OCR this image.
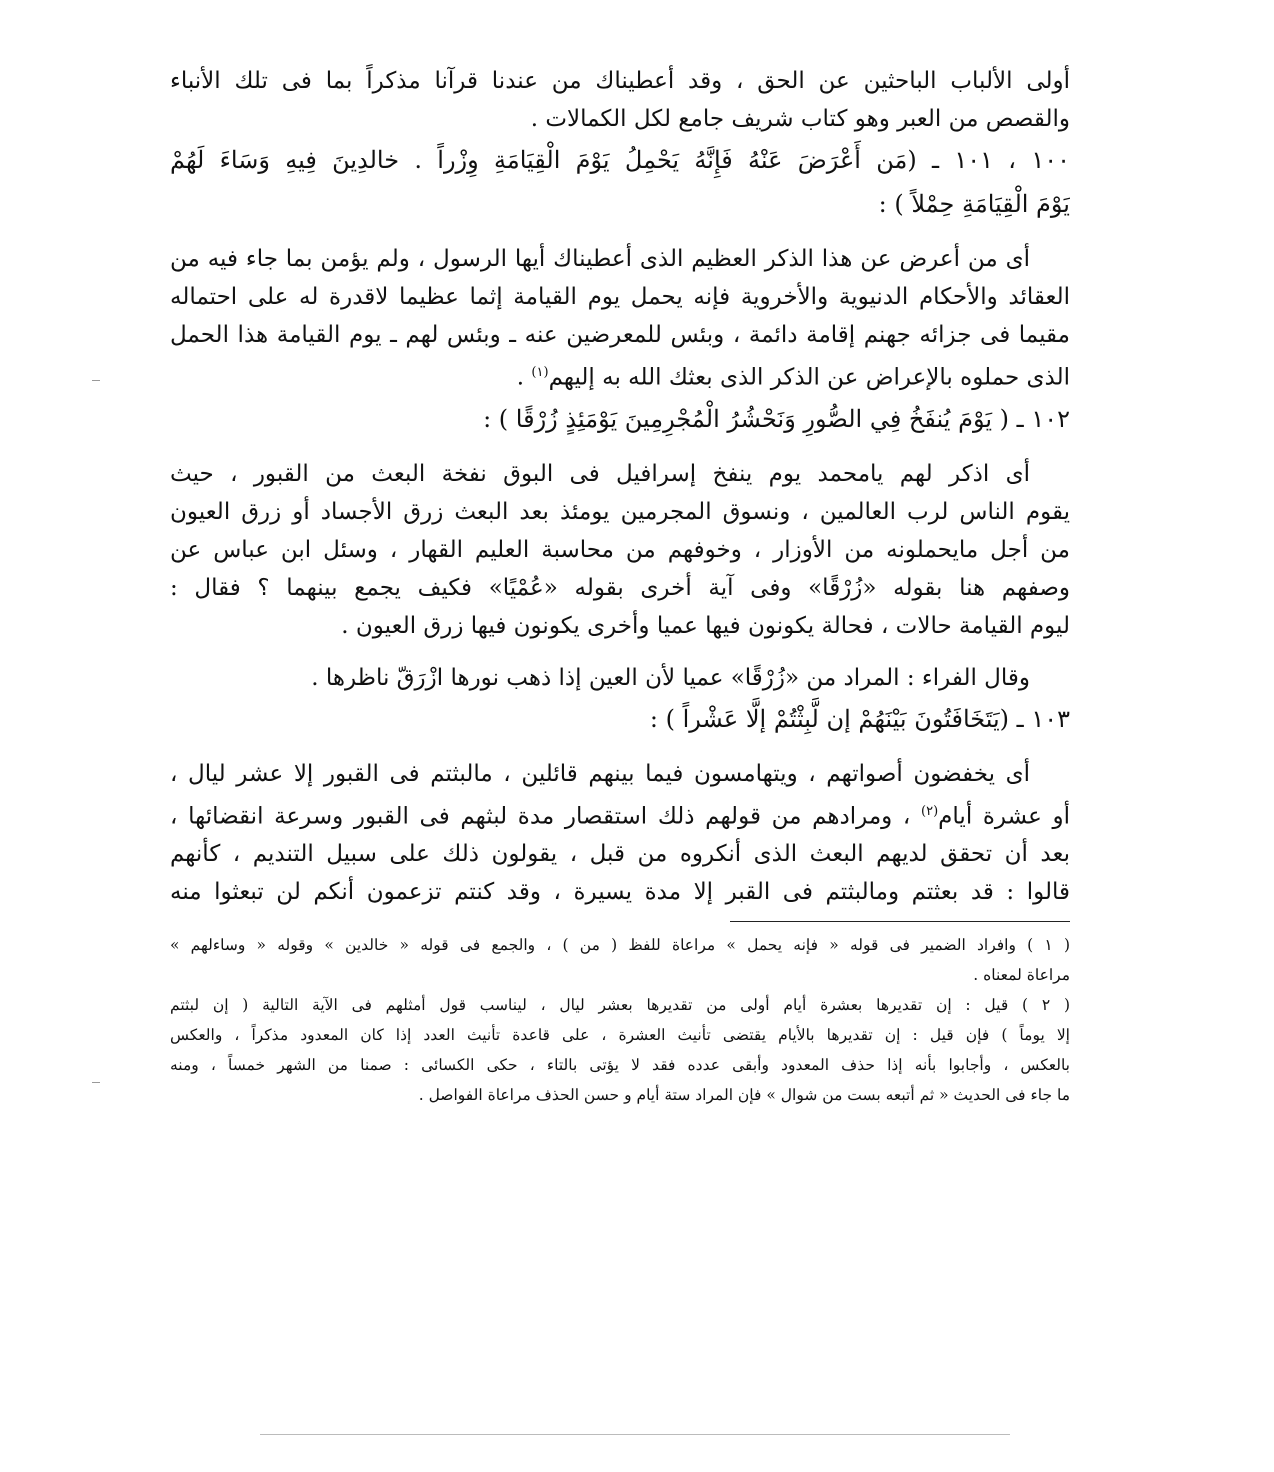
أولى الألباب الباحثين عن الحق ، وقد أعطيناك من عندنا قرآنا مذكراً بما فى تلك الأنباء
والقصص من العبر وهو كتاب شريف جامع لكل الكمالات .
١٠٠ ، ١٠١ ـ (مَن أَعْرَضَ عَنْهُ فَإِنَّهُ يَحْمِلُ يَوْمَ الْقِيَامَةِ وِزْراً . خالدِينَ فِيهِ وَسَاءَ لَهُمْ
يَوْمَ الْقِيَامَةِ حِمْلاً ) :
أى من أعرض عن هذا الذكر العظيم الذى أعطيناك أيها الرسول ، ولم يؤمن بما جاء فيه من
العقائد والأحكام الدنيوية والأخروية فإنه يحمل يوم القيامة إثما عظيما لاقدرة له على احتماله
مقيما فى جزائه جهنم إقامة دائمة ، وبئس للمعرضين عنه ـ وبئس لهم ـ يوم القيامة هذا الحمل
الذى حملوه بالإعراض عن الذكر الذى بعثك الله به إليهم$^{(١)}$ .
١٠٢ ـ ( يَوْمَ يُنفَخُ فِي الصُّورِ وَنَحْشُرُ الْمُجْرِمِينَ يَوْمَئِذٍ زُرْقًا ) :
أى اذكر لهم يامحمد يوم ينفخ إسرافيل فى البوق نفخة البعث من القبور ، حيث
يقوم الناس لرب العالمين ، ونسوق المجرمين يومئذ بعد البعث زرق الأجساد أو زرق العيون
من أجل مايحملونه من الأوزار ، وخوفهم من محاسبة العليم القهار ، وسئل ابن عباس عن
وصفهم هنا بقوله «زُرْقًا» وفى آية أخرى بقوله «عُمْيًا» فكيف يجمع بينهما ؟ فقال :
ليوم القيامة حالات ، فحالة يكونون فيها عميا وأخرى يكونون فيها زرق العيون .
وقال الفراء : المراد من «زُرْقًا» عميا لأن العين إذا ذهب نورها ازْرَقّ ناظرها .
١٠٣ ـ (يَتَخَافَتُونَ بَيْنَهُمْ إن لَّبِثْتُمْ إلَّا عَشْراً ) :
أى يخفضون أصواتهم ، ويتهامسون فيما بينهم قائلين ، مالبثتم فى القبور إلا عشر ليال ،
أو عشرة أيام$^{(٢)}$ ، ومرادهم من قولهم ذلك استقصار مدة لبثهم فى القبور وسرعة انقضائها ،
بعد أن تحقق لديهم البعث الذى أنكروه من قبل ، يقولون ذلك على سبيل التنديم ، كأنهم
قالوا : قد بعثتم ومالبثتم فى القبر إلا مدة يسيرة ، وقد كنتم تزعمون أنكم لن تبعثوا منه
( ١ ) وافراد الضمير فى قوله « فإنه يحمل » مراعاة للفظ ( من ) ، والجمع فى قوله « خالدين » وقوله « وساءلهم »
مراعاة لمعناه .
( ٢ ) قيل : إن تقديرها بعشرة أيام أولى من تقديرها بعشر ليال ، ليناسب قول أمثلهم فى الآية التالية ( إن لبثتم
إلا يوماً ) فإن قيل : إن تقديرها بالأيام يقتضى تأنيث العشرة ، على قاعدة تأنيث العدد إذا كان المعدود مذكراً ، والعكس
بالعكس ، وأجابوا بأنه إذا حذف المعدود وأبقى عدده فقد لا يؤتى بالتاء ، حكى الكسائى : صمنا من الشهر خمساً ، ومنه
ما جاء فى الحديث « ثم أتبعه بست من شوال » فإن المراد ستة أيام و حسن الحذف مراعاة الفواصل .
